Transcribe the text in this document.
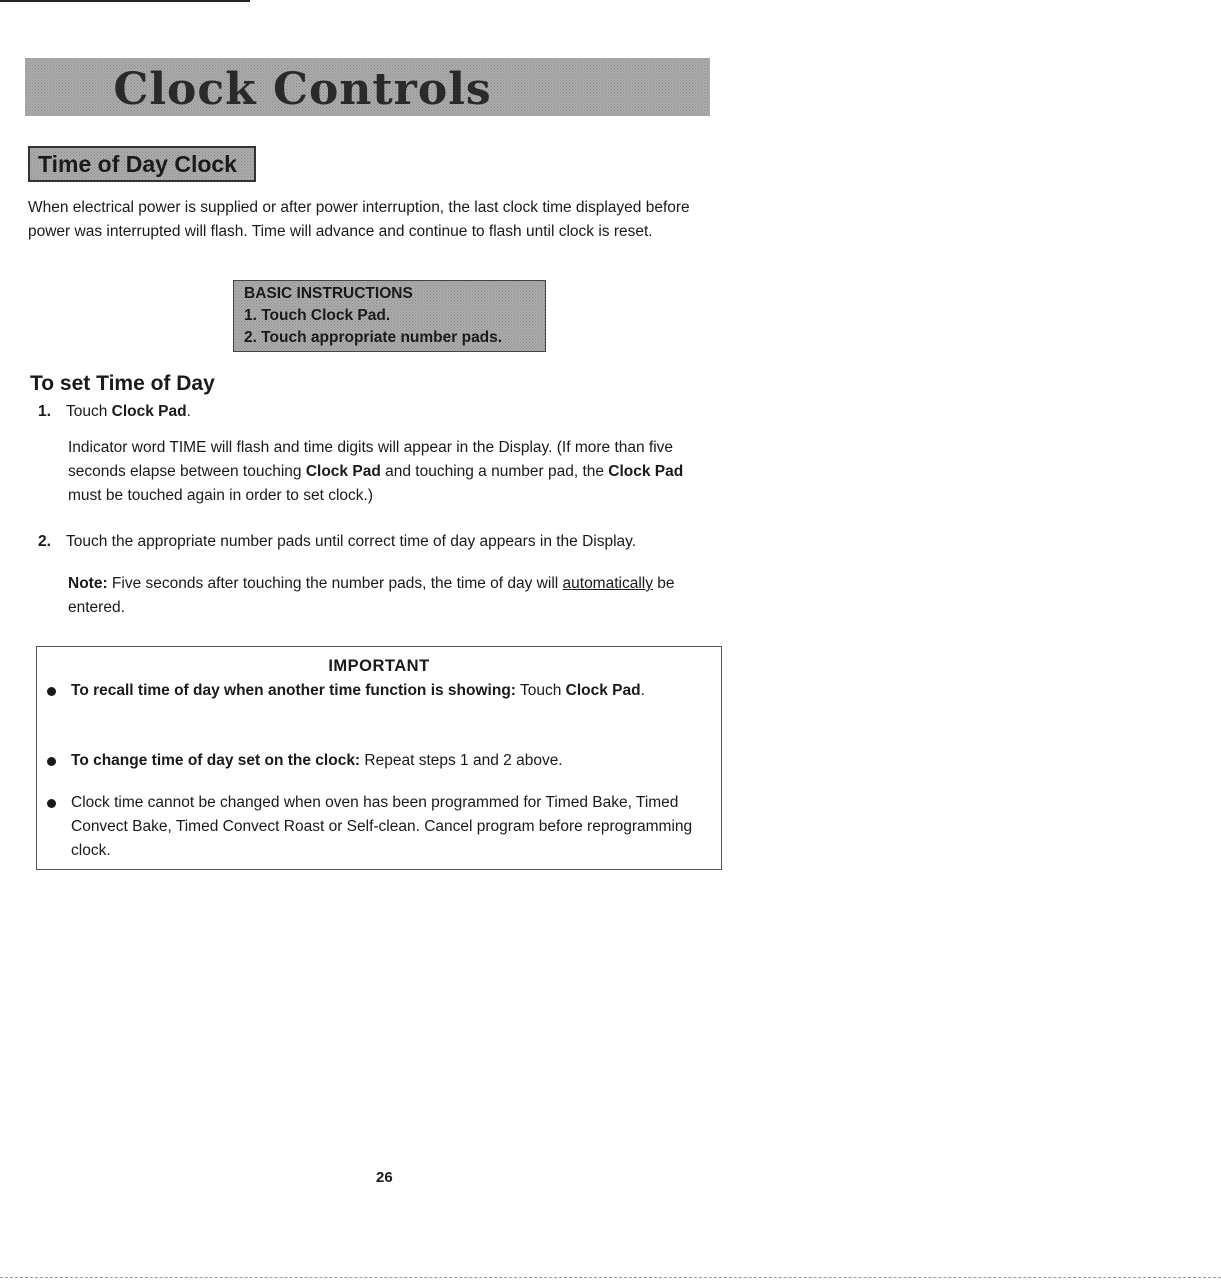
Clock Controls
Time of Day Clock
When electrical power is supplied or after power interruption, the last clock time displayed before power was interrupted will flash. Time will advance and continue to flash until clock is reset.
BASIC INSTRUCTIONS
1. Touch Clock Pad.
2. Touch appropriate number pads.
To set Time of Day
1. Touch Clock Pad.
Indicator word TIME will flash and time digits will appear in the Display. (If more than five seconds elapse between touching Clock Pad and touching a number pad, the Clock Pad must be touched again in order to set clock.)
2. Touch the appropriate number pads until correct time of day appears in the Display.
Note: Five seconds after touching the number pads, the time of day will automatically be entered.
IMPORTANT
To recall time of day when another time function is showing: Touch Clock Pad.
To change time of day set on the clock: Repeat steps 1 and 2 above.
Clock time cannot be changed when oven has been programmed for Timed Bake, Timed Convect Bake, Timed Convect Roast or Self-clean. Cancel program before reprogramming clock.
26
